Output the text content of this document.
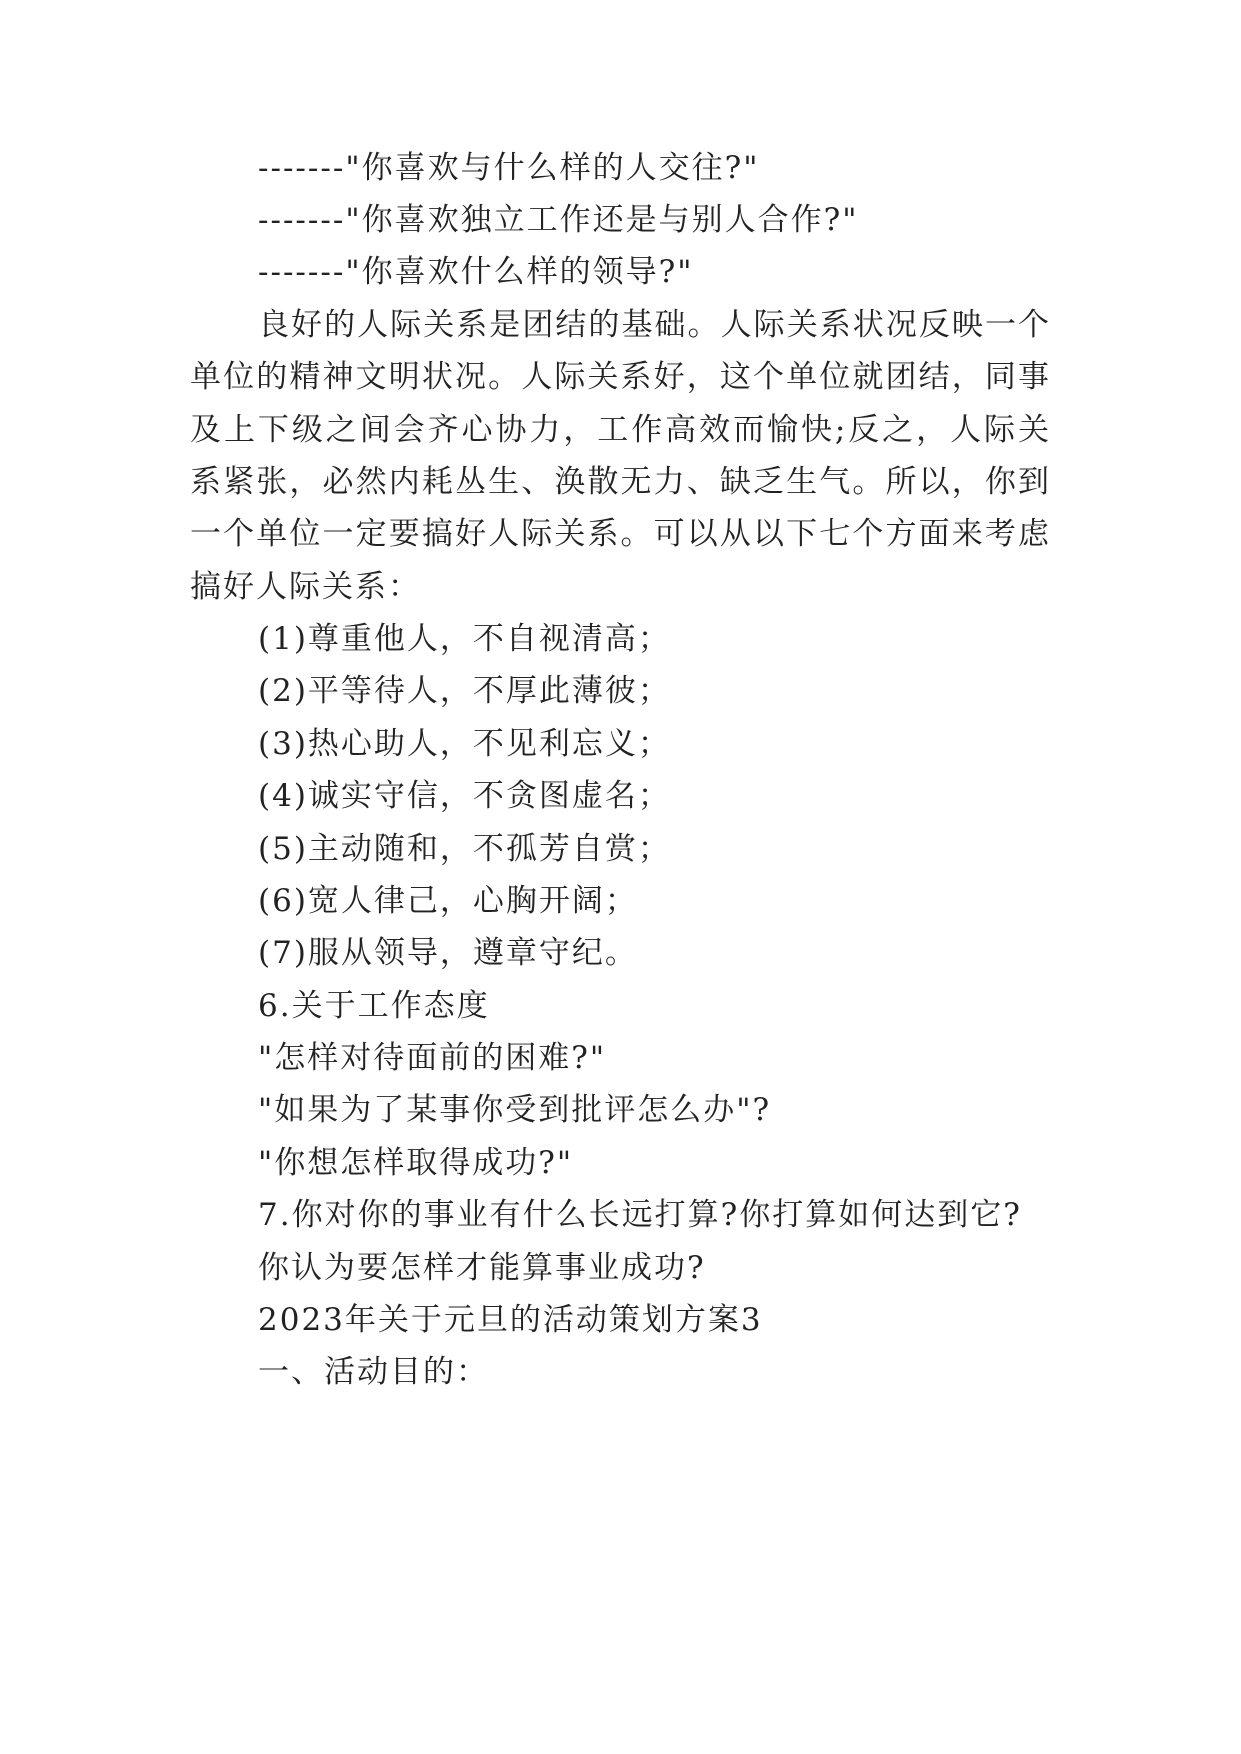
-------"你喜欢与什么样的人交往?"
-------"你喜欢独立工作还是与别人合作?"
-------"你喜欢什么样的领导?"
良好的人际关系是团结的基础。人际关系状况反映一个
单位的精神文明状况。人际关系好，这个单位就团结，同事
及上下级之间会齐心协力，工作高效而愉快;反之，人际关
系紧张，必然内耗丛生、涣散无力、缺乏生气。所以，你到
一个单位一定要搞好人际关系。可以从以下七个方面来考虑
搞好人际关系：
(1)尊重他人，不自视清高；
(2)平等待人，不厚此薄彼；
(3)热心助人，不见利忘义；
(4)诚实守信，不贪图虚名；
(5)主动随和，不孤芳自赏；
(6)宽人律己，心胸开阔；
(7)服从领导，遵章守纪。
6.关于工作态度
"怎样对待面前的困难?"
"如果为了某事你受到批评怎么办"?
"你想怎样取得成功?"
7.你对你的事业有什么长远打算?你打算如何达到它?
你认为要怎样才能算事业成功?
2023年关于元旦的活动策划方案3
一、活动目的：
